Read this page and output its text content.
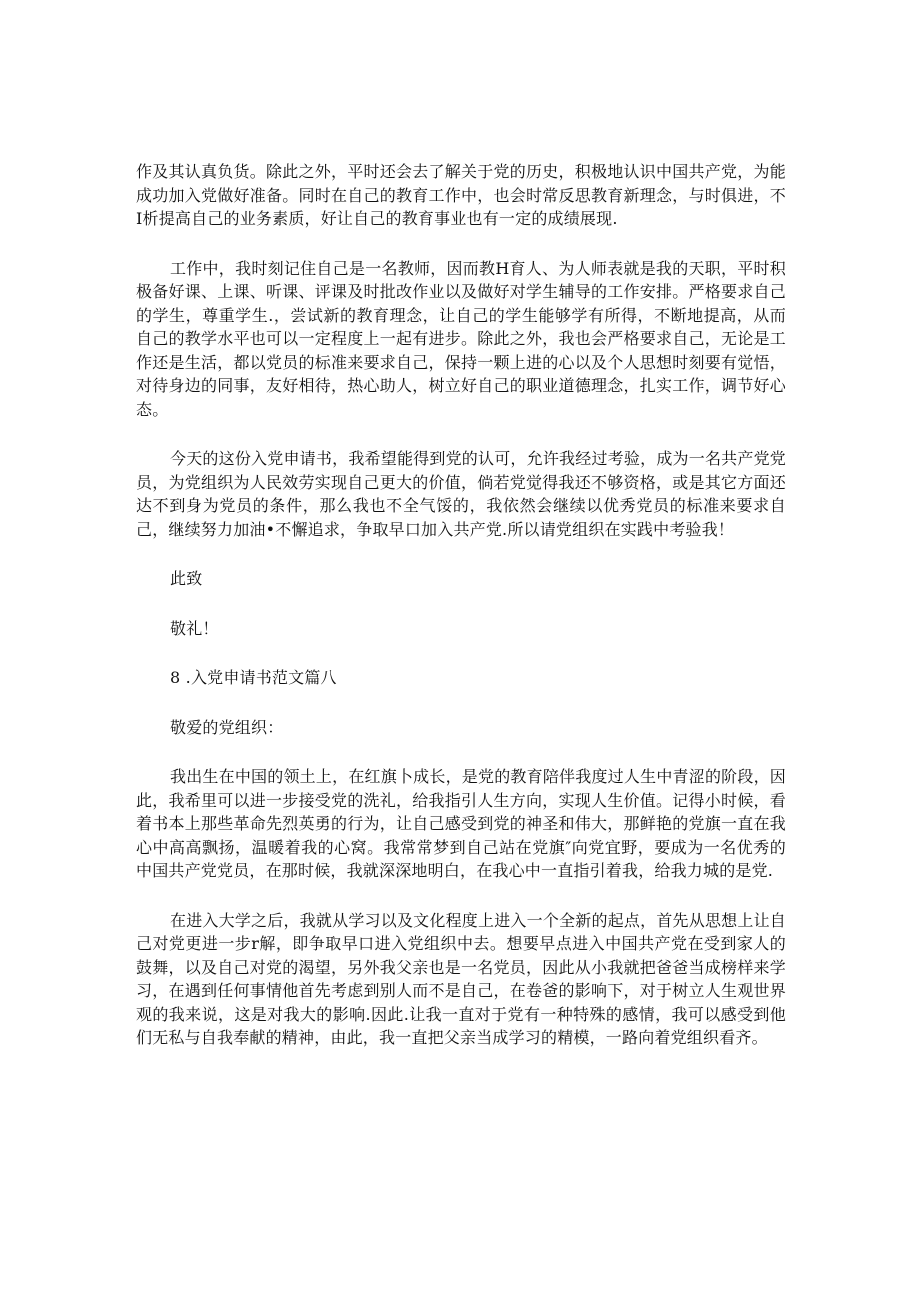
作及其认真负货。除此之外，平时还会去了解关于党的历史，积极地认识中国共产党，为能成功加入党做好准备。同时在自己的教育工作中，也会时常反思教育新理念，与时俱进，不I析提高自己的业务素质，好让自己的教育事业也有一定的成绩展现.

工作中，我时刻记住自己是一名教师，因而教H育人、为人师表就是我的天职，平时积极备好课、上课、听课、评课及时批改作业以及做好对学生辅导的工作安排。严格要求自己的学生，尊重学生.，尝试新的教育理念，让自己的学生能够学有所得，不断地提高，从而自己的教学水平也可以一定程度上一起有进步。除此之外，我也会严格要求自己，无论是工作还是生活，都以党员的标准来要求自己，保持一颗上进的心以及个人思想时刻要有觉悟，对待身边的同事，友好相待，热心助人，树立好自己的职业道德理念，扎实工作，调节好心态。

今天的这份入党申请书，我希望能得到党的认可，允许我经过考验，成为一名共产党党员，为党组织为人民效劳实现自己更大的价值，倘若党觉得我还不够资格，或是其它方面还达不到身为党员的条件，那么我也不全气馁的，我依然会继续以优秀党员的标准来要求自己，继续努力加油•不懈追求，争取早口加入共产党.所以请党组织在实践中考验我！

此致

敬礼！

8 .入党申请书范文篇八

敬爱的党组织：

我出生在中国的领土上，在红旗卜成长，是党的教育陪伴我度过人生中青涩的阶段，因此，我希里可以进一步接受党的洗礼，给我指引人生方向，实现人生价值。记得小时候，看着书本上那些革命先烈英勇的行为，让自己感受到党的神圣和伟大，那鲜艳的党旗一直在我心中高高飘扬，温暖着我的心窝。我常常梦到自己站在党旗″向党宜野，要成为一名优秀的中国共产党党员，在那时候，我就深深地明白，在我心中一直指引着我，给我力城的是党.

在进入大学之后，我就从学习以及文化程度上进入一个全新的起点，首先从思想上让自己对党更进一步r解，即争取早口进入党组织中去。想要早点进入中国共产党在受到家人的鼓舞，以及自己对党的渴望，另外我父亲也是一名党员，因此从小我就把爸爸当成榜样来学习，在遇到任何事情他首先考虑到别人而不是自己，在卷爸的影响下，对于树立人生观世界观的我来说，这是对我大的影响.因此.让我一直对于党有一种特殊的感情，我可以感受到他们无私与自我奉献的精神，由此，我一直把父亲当成学习的精模，一路向着党组织看齐。
